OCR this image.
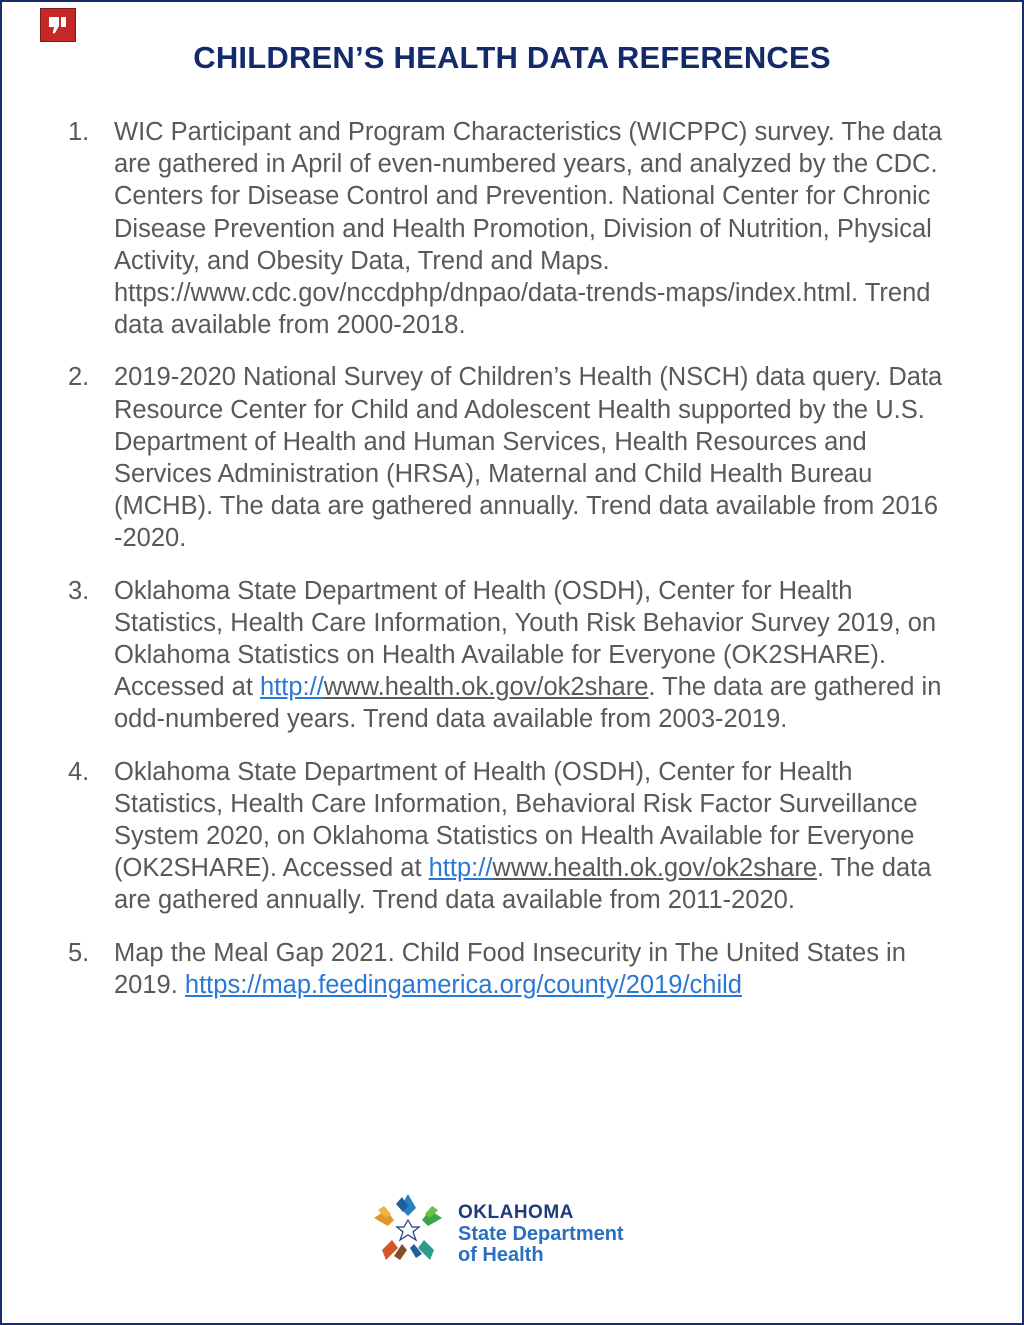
CHILDREN’S HEALTH DATA REFERENCES
1. WIC Participant and Program Characteristics (WICPPC) survey. The data are gathered in April of even-numbered years, and analyzed by the CDC. Centers for Disease Control and Prevention. National Center for Chronic Disease Prevention and Health Promotion, Division of Nutrition, Physical Activity, and Obesity Data, Trend and Maps. https://www.cdc.gov/nccdphp/dnpao/data-trends-maps/index.html. Trend data available from 2000-2018.
2. 2019-2020 National Survey of Children’s Health (NSCH) data query. Data Resource Center for Child and Adolescent Health supported by the U.S. Department of Health and Human Services, Health Resources and Services Administration (HRSA), Maternal and Child Health Bureau (MCHB). The data are gathered annually. Trend data available from 2016 -2020.
3. Oklahoma State Department of Health (OSDH), Center for Health Statistics, Health Care Information, Youth Risk Behavior Survey 2019, on Oklahoma Statistics on Health Available for Everyone (OK2SHARE). Accessed at http://www.health.ok.gov/ok2share. The data are gathered in odd-numbered years. Trend data available from 2003-2019.
4. Oklahoma State Department of Health (OSDH), Center for Health Statistics, Health Care Information, Behavioral Risk Factor Surveillance System 2020, on Oklahoma Statistics on Health Available for Everyone (OK2SHARE). Accessed at http://www.health.ok.gov/ok2share. The data are gathered annually. Trend data available from 2011-2020.
5. Map the Meal Gap 2021. Child Food Insecurity in The United States in 2019. https://map.feedingamerica.org/county/2019/child
OKLAHOMA
State Department
of Health
